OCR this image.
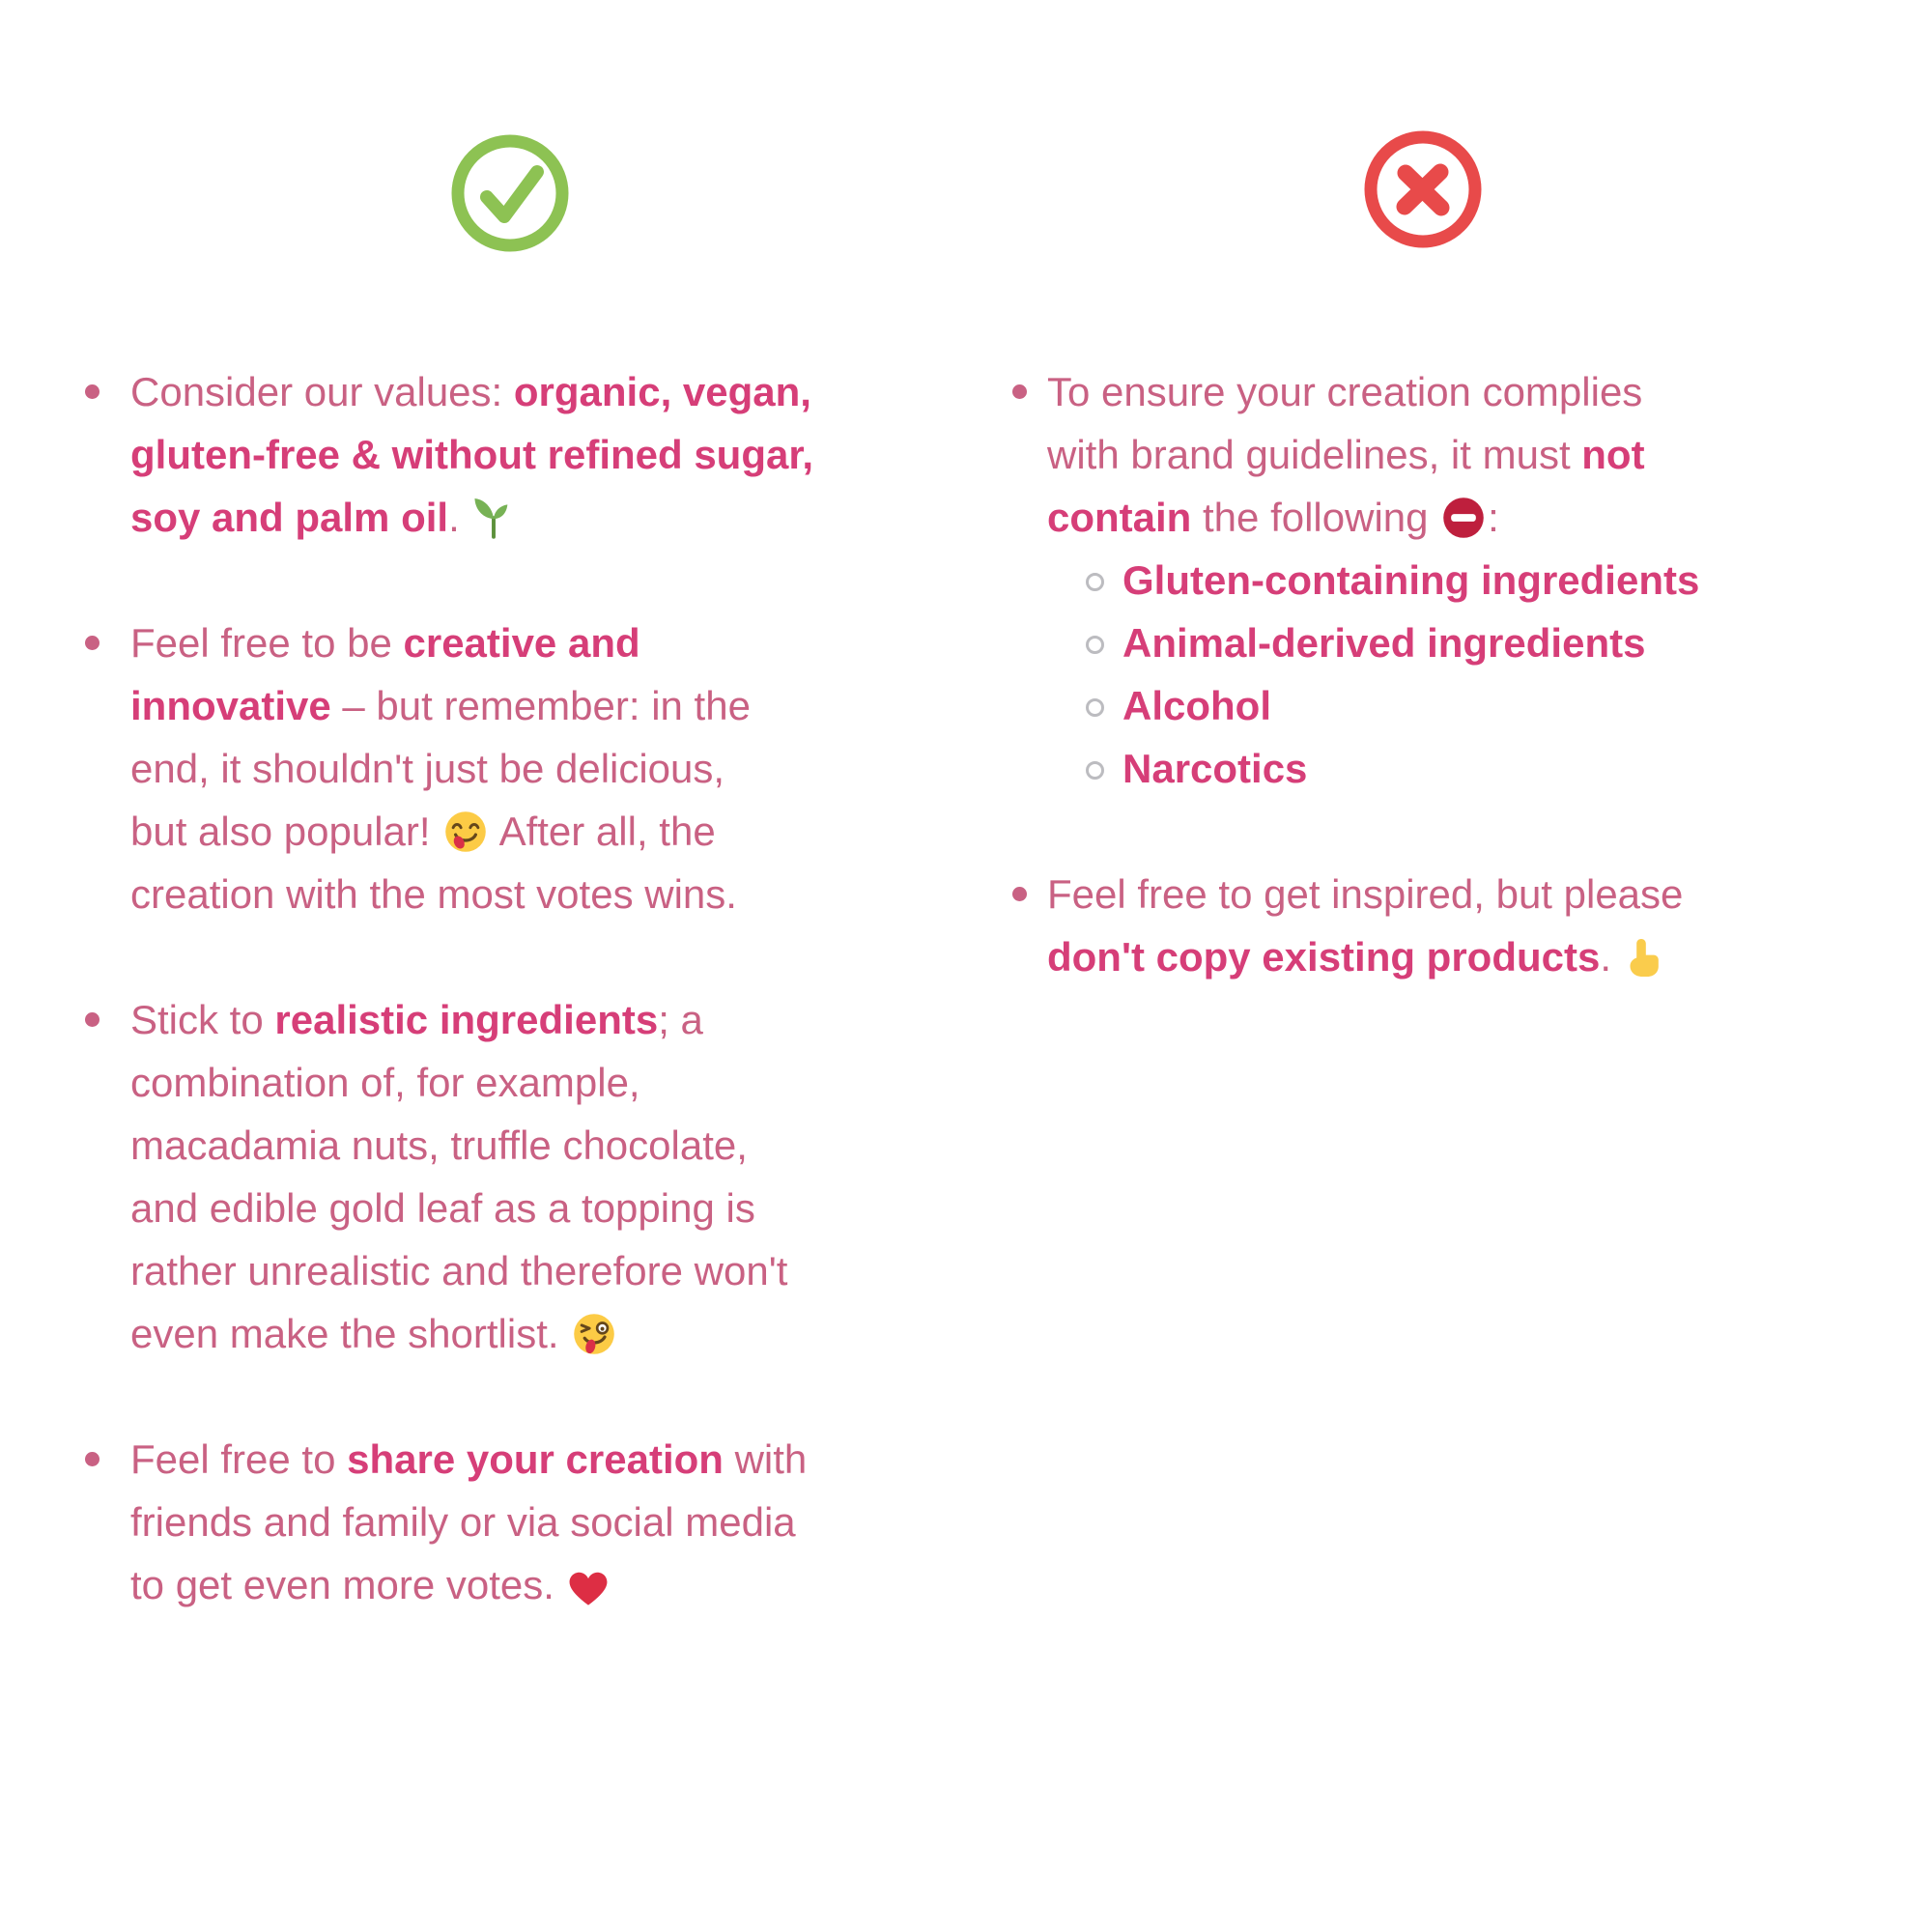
Consider our values: organic, vegan,
gluten-free & without refined sugar,
soy and palm oil.
Feel free to be creative and
innovative – but remember: in the
end, it shouldn't just be delicious,
but also popular!  After all, the
creation with the most votes wins.
Stick to realistic ingredients; a
combination of, for example,
macadamia nuts, truffle chocolate,
and edible gold leaf as a topping is
rather unrealistic and therefore won't
even make the shortlist.
Feel free to share your creation with
friends and family or via social media
to get even more votes.
To ensure your creation complies
with brand guidelines, it must not
contain the following :
Gluten-containing ingredients
Animal-derived ingredients
Alcohol
Narcotics
Feel free to get inspired, but please
don't copy existing products.
